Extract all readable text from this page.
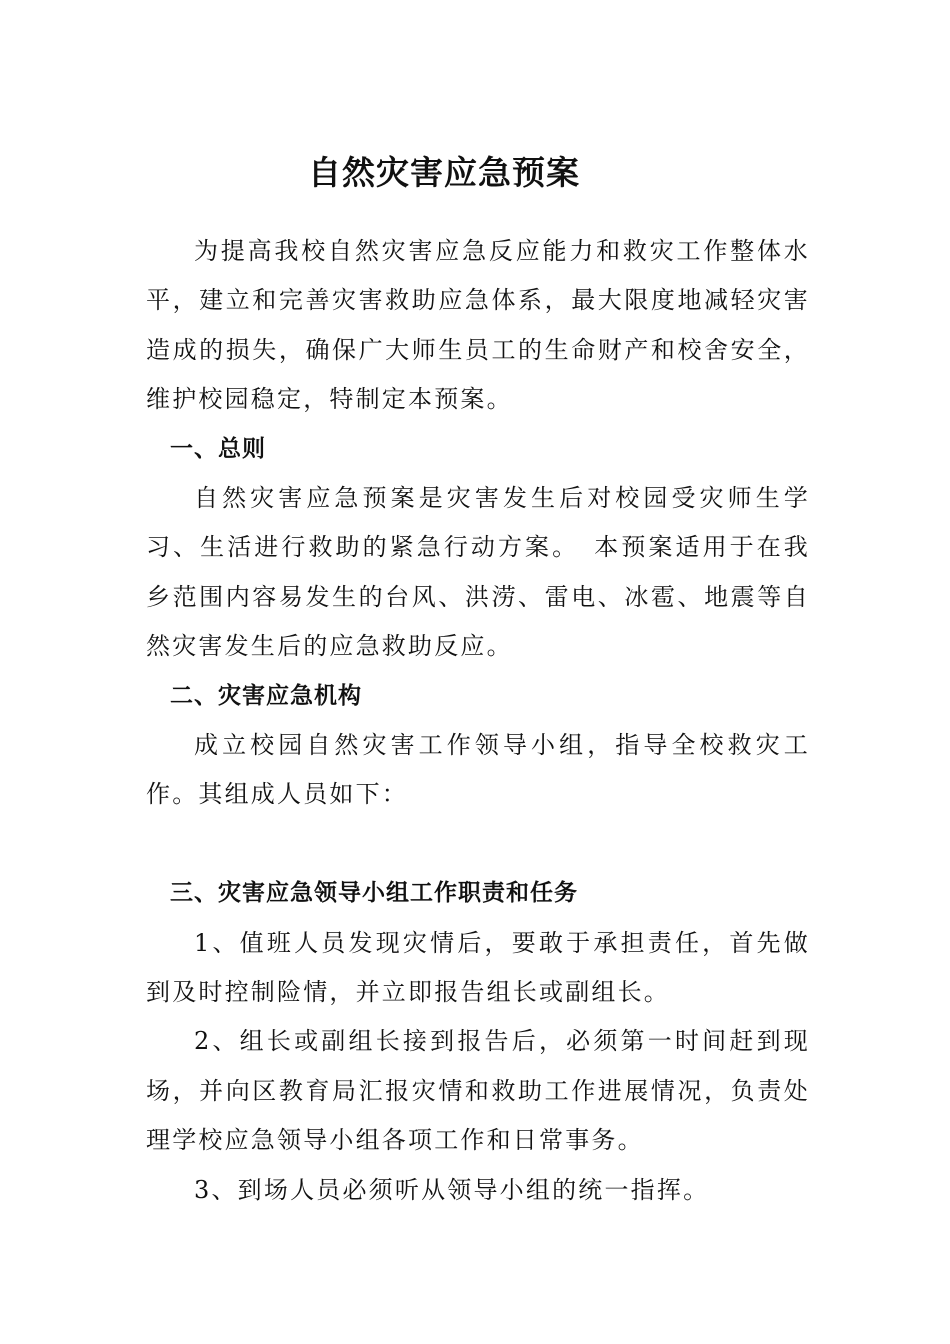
自然灾害应急预案

为提高我校自然灾害应急反应能力和救灾工作整体水平，建立和完善灾害救助应急体系，最大限度地减轻灾害造成的损失，确保广大师生员工的生命财产和校舍安全，维护校园稳定，特制定本预案。

一、总则

自然灾害应急预案是灾害发生后对校园受灾师生学习、生活进行救助的紧急行动方案。　本预案适用于在我乡范围内容易发生的台风、洪涝、雷电、冰雹、地震等自然灾害发生后的应急救助反应。

二、灾害应急机构

成立校园自然灾害工作领导小组，指导全校救灾工作。其组成人员如下：

三、灾害应急领导小组工作职责和任务

1、值班人员发现灾情后，要敢于承担责任，首先做到及时控制险情，并立即报告组长或副组长。

2、组长或副组长接到报告后，必须第一时间赶到现场，并向区教育局汇报灾情和救助工作进展情况，负责处理学校应急领导小组各项工作和日常事务。

3、到场人员必须听从领导小组的统一指挥。
